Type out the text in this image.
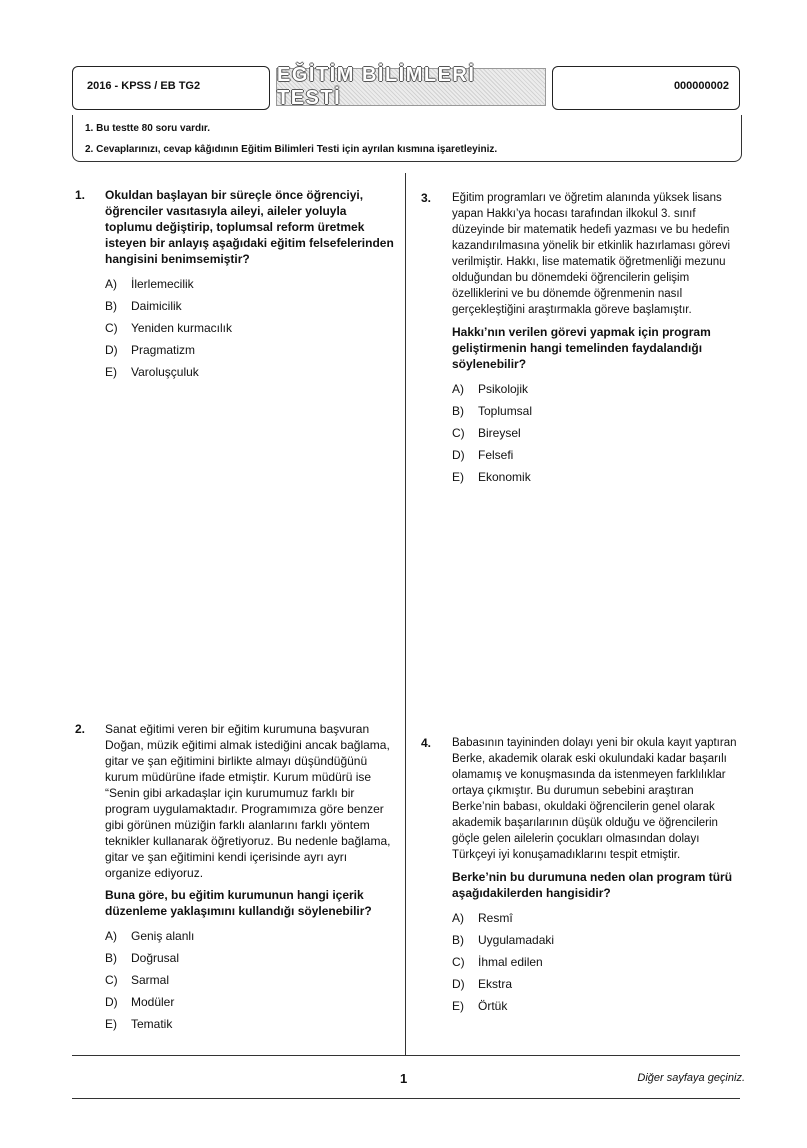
2016 - KPSS / EB TG2	EĞİTİM BİLİMLERİ TESTİ
000000002
1. Bu testte 80 soru vardır.
2. Cevaplarınızı, cevap kâğıdının Eğitim Bilimleri Testi için ayrılan kısmına işaretleyiniz.
1. Okuldan başlayan bir süreçle önce öğrenciyi, öğrenciler vasıtasıyla aileyi, aileler yoluyla toplumu değiştirip, toplumsal reform üretmek isteyen bir anlayış aşağıdaki eğitim felsefelerinden hangisini benimsemiştir?

A)	İlerlemecilik
B)	Daimicilik
C)	Yeniden kurmacılık
D)	Pragmatizm
E)	Varoluşçuluk
2. Sanat eğitimi veren bir eğitim kurumuna başvuran Doğan, müzik eğitimi almak istediğini ancak bağlama, gitar ve şan eğitimini birlikte almayı düşündüğünü kurum müdürüne ifade etmiştir. Kurum müdürü ise “Senin gibi arkadaşlar için kurumumuz farklı bir program uygulamaktadır. Programımıza göre benzer gibi görünen müziğin farklı alanlarını farklı yöntem teknikler kullanarak öğretiyoruz. Bu nedenle bağlama, gitar ve şan eğitimini kendi içerisinde ayrı ayrı organize ediyoruz.

Buna göre, bu eğitim kurumunun hangi içerik düzenleme yaklaşımını kullandığı söylenebilir?

A)	Geniş alanlı
B)	Doğrusal
C)	Sarmal
D)	Modüler
E)	Tematik
3. Eğitim programları ve öğretim alanında yüksek lisans yapan Hakkı’ya hocası tarafından ilkokul 3. sınıf düzeyinde bir matematik hedefi yazması ve bu hedefin kazandırılmasına yönelik bir etkinlik hazırlaması görevi verilmiştir. Hakkı, lise matematik öğretmenliği mezunu olduğundan bu dönemdeki öğrencilerin gelişim özelliklerini ve bu dönemde öğrenmenin nasıl gerçekleştiğini araştırmakla göreve başlamıştır.

Hakkı’nın verilen görevi yapmak için program geliştirmenin hangi temelinden faydalandığı söylenebilir?

A)	Psikolojik
B)	Toplumsal
C)	Bireysel
D)	Felsefi
E)	Ekonomik
4. Babasının tayininden dolayı yeni bir okula kayıt yaptıran Berke, akademik olarak eski okulundaki kadar başarılı olamamış ve konuşmasında da istenmeyen farklılıklar ortaya çıkmıştır. Bu durumun sebebini araştıran Berke’nin babası, okuldaki öğrencilerin genel olarak akademik başarılarının düşük olduğu ve öğrencilerin göçle gelen ailelerin çocukları olmasından dolayı Türkçeyi iyi konuşamadıklarını tespit etmiştir.

Berke’nin bu durumuna neden olan program türü aşağıdakilerden hangisidir?

A)	Resmî
B)	Uygulamadaki
C)	İhmal edilen
D)	Ekstra
E)	Örtük
1	Diğer sayfaya geçiniz.
